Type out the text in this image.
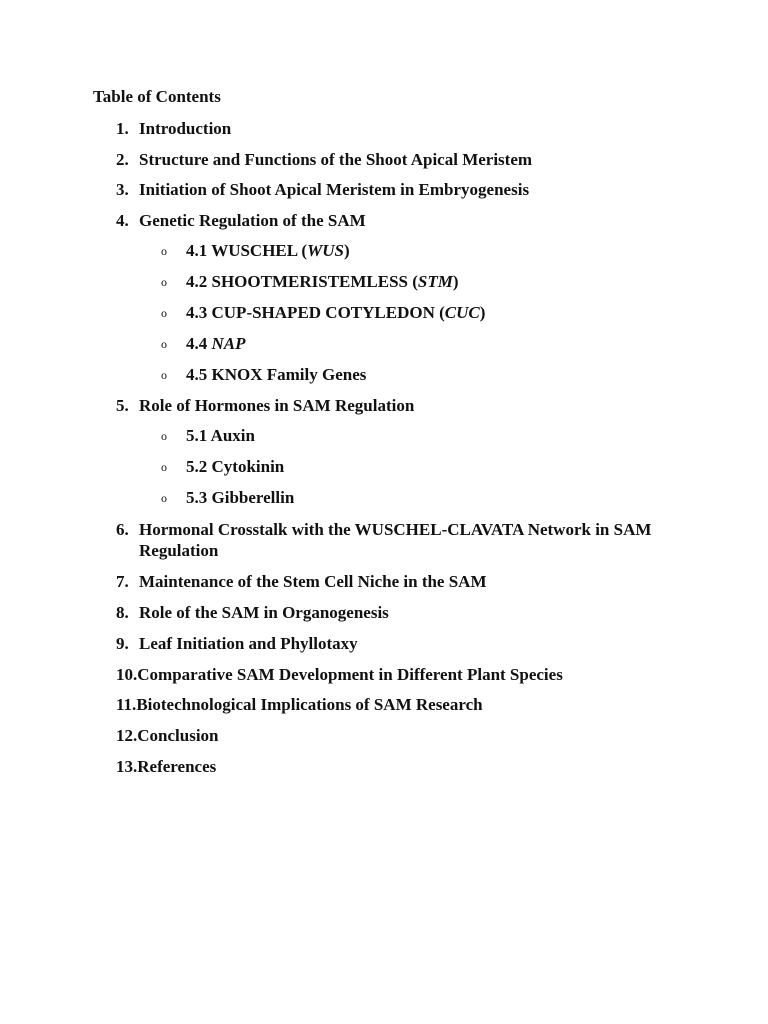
Table of Contents
1. Introduction
2. Structure and Functions of the Shoot Apical Meristem
3. Initiation of Shoot Apical Meristem in Embryogenesis
4. Genetic Regulation of the SAM
o 4.1 WUSCHEL (WUS)
o 4.2 SHOOTMERISTEMLESS (STM)
o 4.3 CUP-SHAPED COTYLEDON (CUC)
o 4.4 NAP
o 4.5 KNOX Family Genes
5. Role of Hormones in SAM Regulation
o 5.1 Auxin
o 5.2 Cytokinin
o 5.3 Gibberellin
6. Hormonal Crosstalk with the WUSCHEL-CLAVATA Network in SAM Regulation
7. Maintenance of the Stem Cell Niche in the SAM
8. Role of the SAM in Organogenesis
9. Leaf Initiation and Phyllotaxy
10.Comparative SAM Development in Different Plant Species
11.Biotechnological Implications of SAM Research
12.Conclusion
13.References
